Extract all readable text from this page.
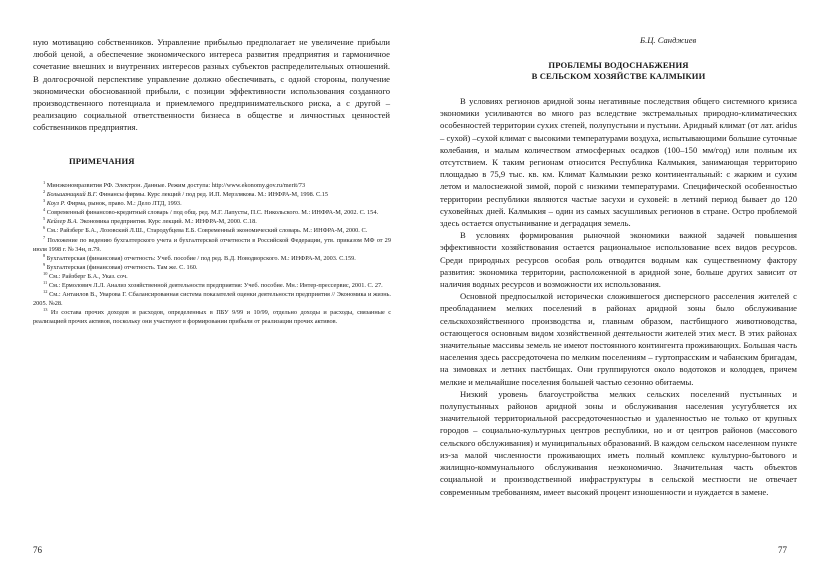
ную мотивацию собственников. Управление прибылью предполагает не увеличение прибыли любой ценой, а обеспечение экономического интереса развития предприятия и гармоничное сочетание внешних и внутренних интересов разных субъектов распределительных отношений. В долгосрочной перспективе управление должно обеспечивать, с одной стороны, получение экономически обоснованной прибыли, с позиции эффективности использования созданного производственного потенциала и приемлемого предпринимательского риска, а с другой – реализацию социальной ответственности бизнеса в обществе и личностных ценностей собственников предприятия.

ПРИМЕЧАНИЯ

$^1$ Минэкономразвития РФ. Электрон. Данные. Режим доступа: http://www.ekonomy.gov.ru/merit/73

$^2$ Большаницкий В.Г. Финансы фирмы. Курс лекций / под ред. И.П. Мерзлякова. М.: ИНФРА-М, 1998. С.15

$^3$ Коуз Р. Фирма, рынок, право. М.: Дело ЛТД, 1993.

$^4$ Современный финансово-кредитный словарь / под общ. ред. М.Г. Лапусты, П.С. Никольского. М.: ИНФРА-М, 2002. С. 154.

$^5$ Кейлер В.А. Экономика предприятия. Курс лекций. М.: ИНФРА-М, 2000. С.18.

$^6$ См.: Райзберг Б.А., Лозовский Л.Ш., Стародубцева Е.Б. Современный экономический словарь. М.: ИНФРА-М, 2000. С.

$^7$ Положение по ведению бухгалтерского учета и бухгалтерской отчетности в Российской Федерации, утв. приказом МФ от 29 июля 1998 г. № 34н, п.79.

$^8$ Бухгалтерская (финансовая) отчетность: Учеб. пособие / под ред. В.Д. Новодворского. М.: ИНФРА-М, 2003. С.159.

$^9$ Бухгалтерская (финансовая) отчетность. Там же. С. 160.

$^{10}$ См.: Райзберг Б.А., Указ. соч.

$^{11}$ См.: Ермолович Л.Л. Анализ хозяйственной деятельности предприятия: Учеб. пособие. Мн.: Интер-прессервис, 2001. С. 27.

$^{12}$ См.: Антаилов В., Уварова Г. Сбалансированная система показателей оценки деятельности предприятия // Экономика и жизнь. 2005. №28.

$^{13}$ Из состава прочих доходов и расходов, определенных в ПБУ 9/99 и 10/99, отдельно доходы и расходы, связанные с реализацией прочих активов, поскольку они участвуют в формировании прибыли от реализации прочих активов.

76

Б.Ц. Санджиев

ПРОБЛЕМЫ ВОДОСНАБЖЕНИЯ
В СЕЛЬСКОМ ХОЗЯЙСТВЕ КАЛМЫКИИ

В условиях регионов аридной зоны негативные последствия общего системного кризиса экономики усиливаются во много раз вследствие экстремальных природно-климатических особенностей территории сухих степей, полупустыни и пустыни. Аридный климат (от лат. aridus – сухой) –сухой климат с высокими температурами воздуха, испытывающими большие суточные колебания, и малым количеством атмосферных осадков (100–150 мм/год) или полным их отсутствием. К таким регионам относится Республика Калмыкия, занимающая территорию площадью в 75,9 тыс. кв. км. Климат Калмыкии резко континентальный: с жарким и сухим летом и малоснежной зимой, порой с низкими температурами. Специфической особенностью территории республики являются частые засухи и суховей: в летний период бывает до 120 суховейных дней. Калмыкия – один из самых засушливых регионов в стране. Остро проблемой здесь остается опустынивание и деградация земель.

В условиях формирования рыночной экономики важной задачей повышения эффективности хозяйствования остается рациональное использование всех видов ресурсов. Среди природных ресурсов особая роль отводится водным как существенному фактору развития: экономика территории, расположенной в аридной зоне, больше других зависит от наличия водных ресурсов и возможности их использования.

Основной предпосылкой исторически сложившегося дисперсного расселения жителей с преобладанием мелких поселений в районах аридной зоны было обслуживание сельскохозяйственного производства и, главным образом, пастбищного животноводства, остающегося основным видом хозяйственной деятельности жителей этих мест. В этих районах значительные массивы земель не имеют постоянного контингента проживающих. Большая часть населения здесь рассредоточена по мелким поселениям – гуртопрасским и чабанским бригадам, на зимовках и летних пастбищах. Они группируются около водотоков и колодцев, причем мелкие и мельчайшие поселения большей частью сезонно обитаемы.

Низкий уровень благоустройства мелких сельских поселений пустынных и полупустынных районов аридной зоны и обслуживания населения усугубляется их значительной территориальной рассредоточенностью и удаленностью не только от крупных городов – социально-культурных центров республики, но и от центров районов (массового сельского обслуживания) и муниципальных образований. В каждом сельском населенном пункте из-за малой численности проживающих иметь полный комплекс культурно-бытового и жилищно-коммунального обслуживания неэкономично. Значительная часть объектов социальной и производственной инфраструктуры в сельской местности не отвечает современным требованиям, имеет высокий процент изношенности и нуждается в замене.

77
